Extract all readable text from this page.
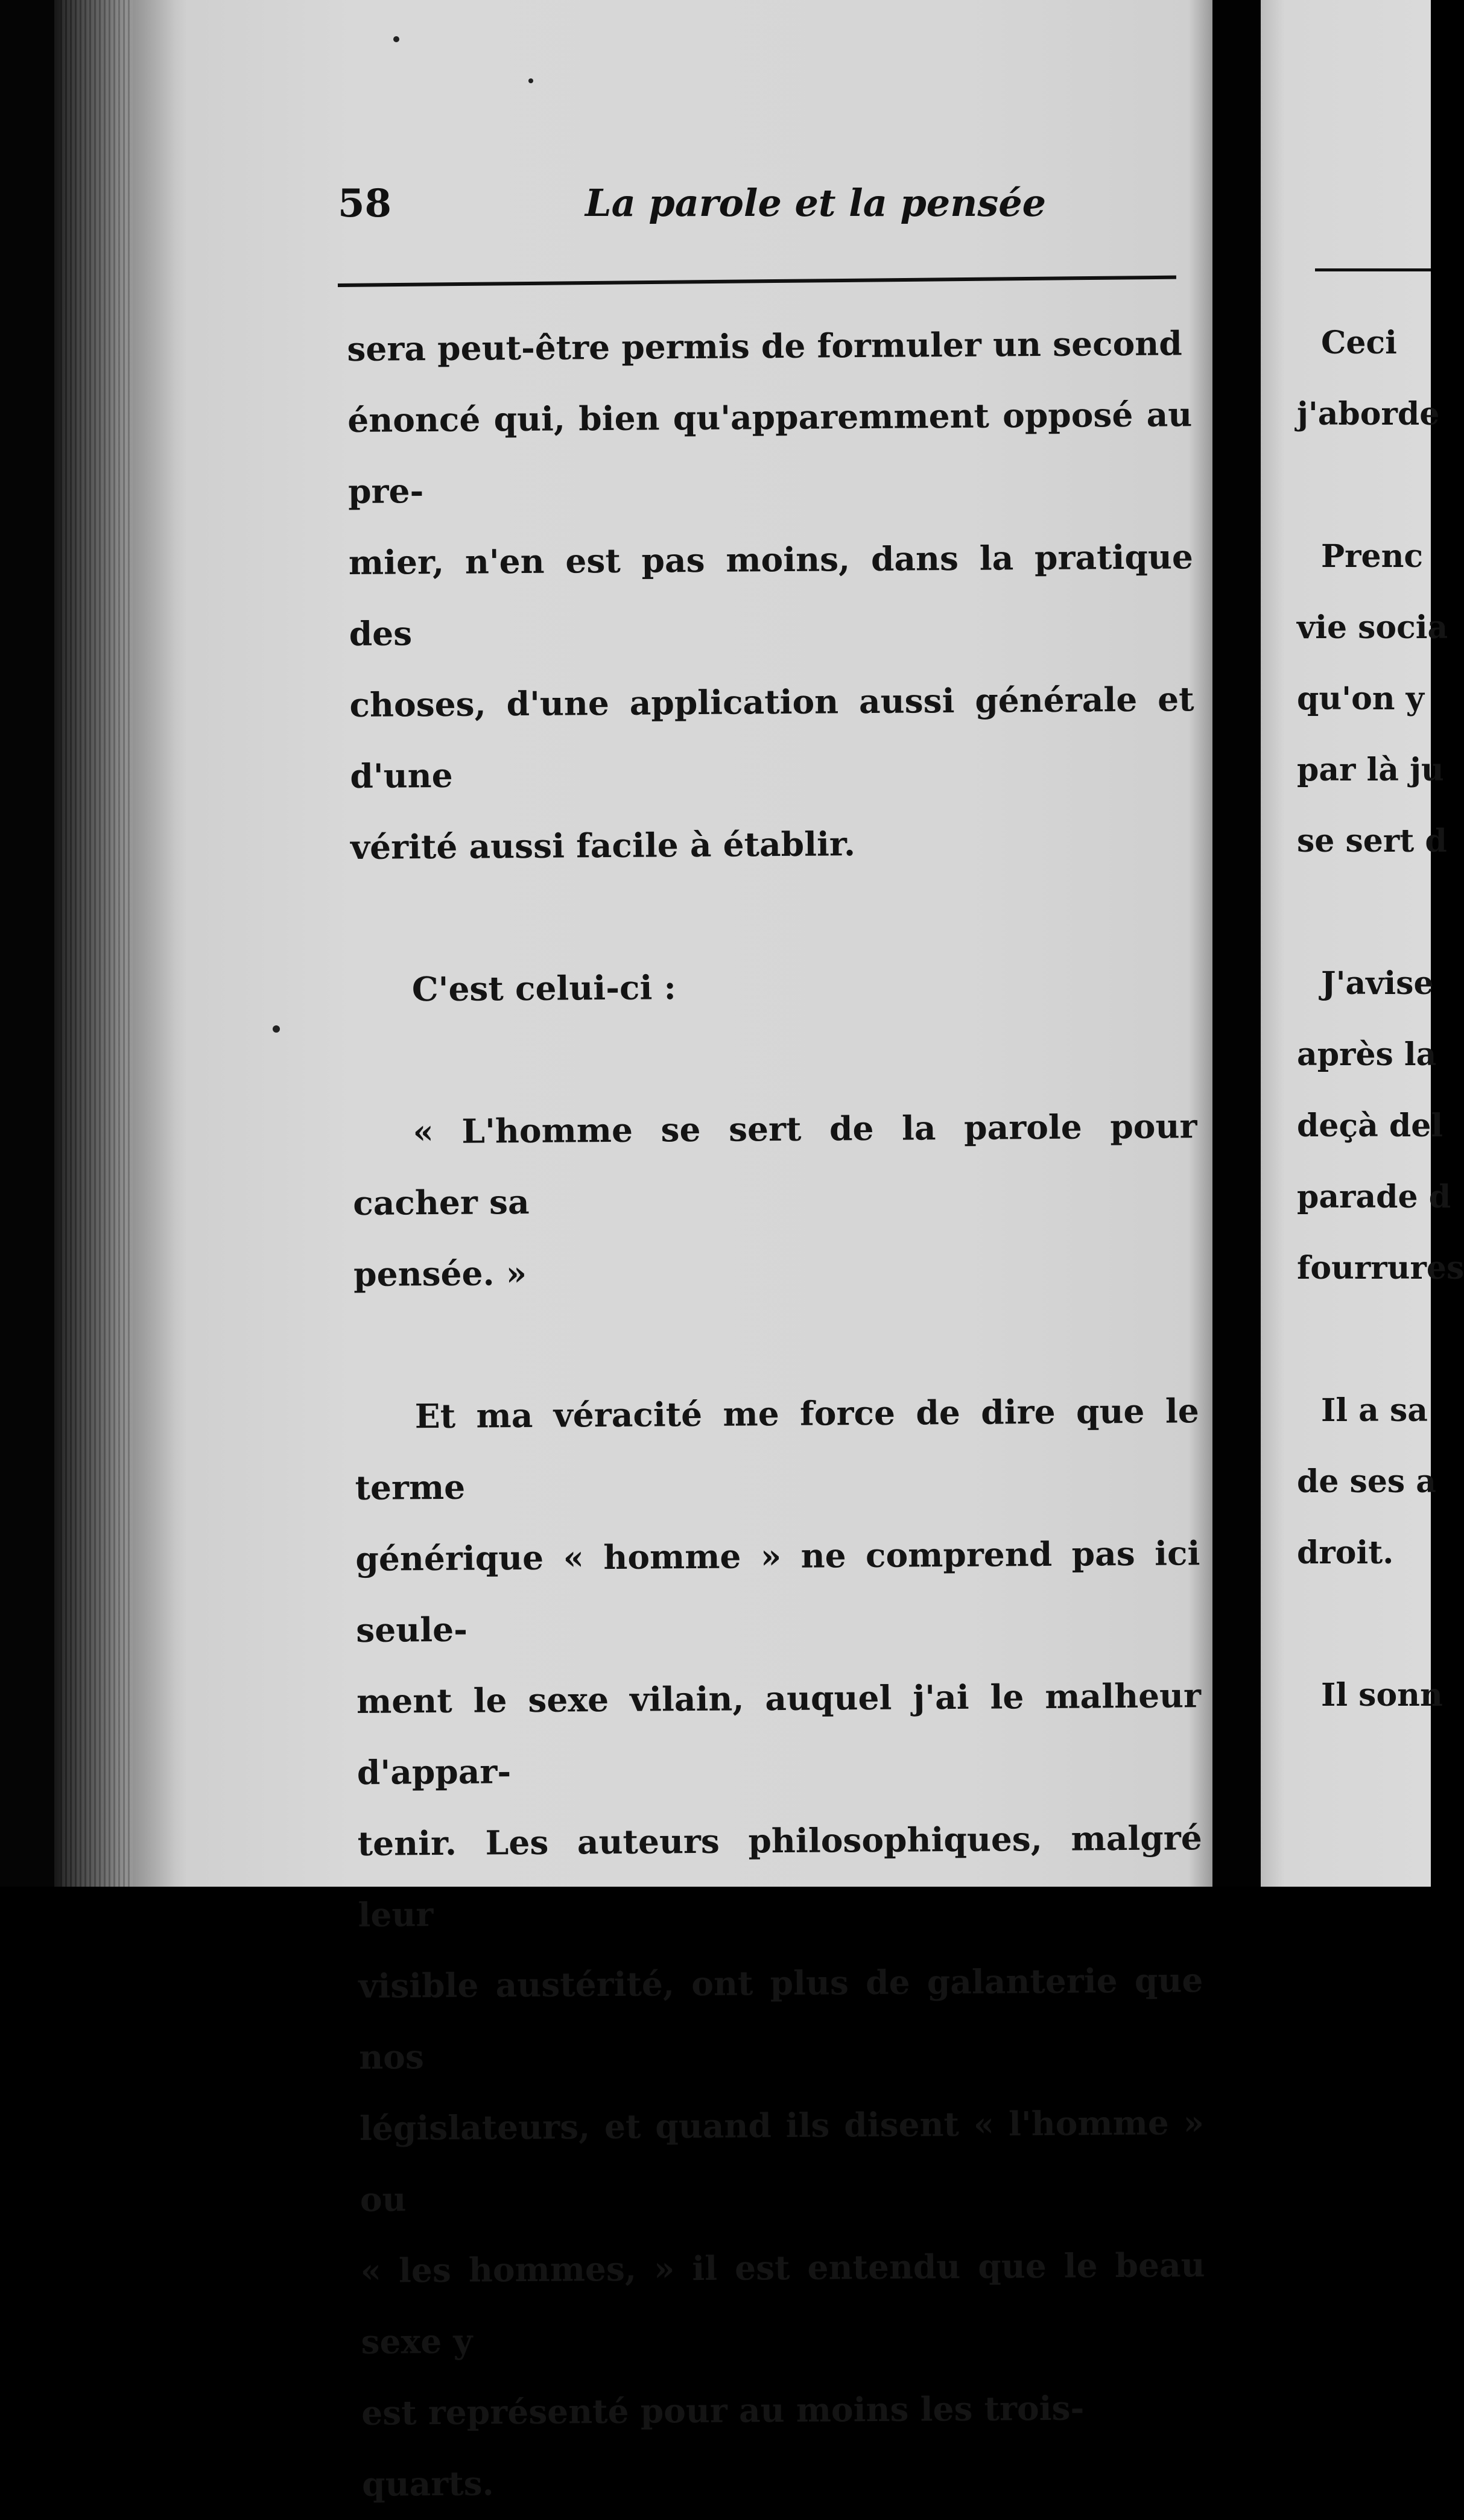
58	La parole et la pensée

sera peut-être permis de formuler un second

énoncé qui, bien qu'apparemment opposé au pre-

mier, n'en est pas moins, dans la pratique des

choses, d'une application aussi générale et d'une

vérité aussi facile à établir.

C'est celui-ci :

« L'homme se sert de la parole pour cacher sa

pensée. »

Et ma véracité me force de dire que le terme

générique « homme » ne comprend pas ici seule-

ment le sexe vilain, auquel j'ai le malheur d'appar-

tenir. Les auteurs philosophiques, malgré leur

visible austérité, ont plus de galanterie que nos

législateurs, et quand ils disent « l'homme » ou

« les hommes, » il est entendu que le beau sexe y

est représenté pour au moins les trois-quarts.

Ceci
j'aborde
Prenc
vie socia
qu'on y
par là ju
se sert d
J'avise
après la
deçà del
parade d
fourrures
Il a sa
de ses a
droit.
Il sonn
